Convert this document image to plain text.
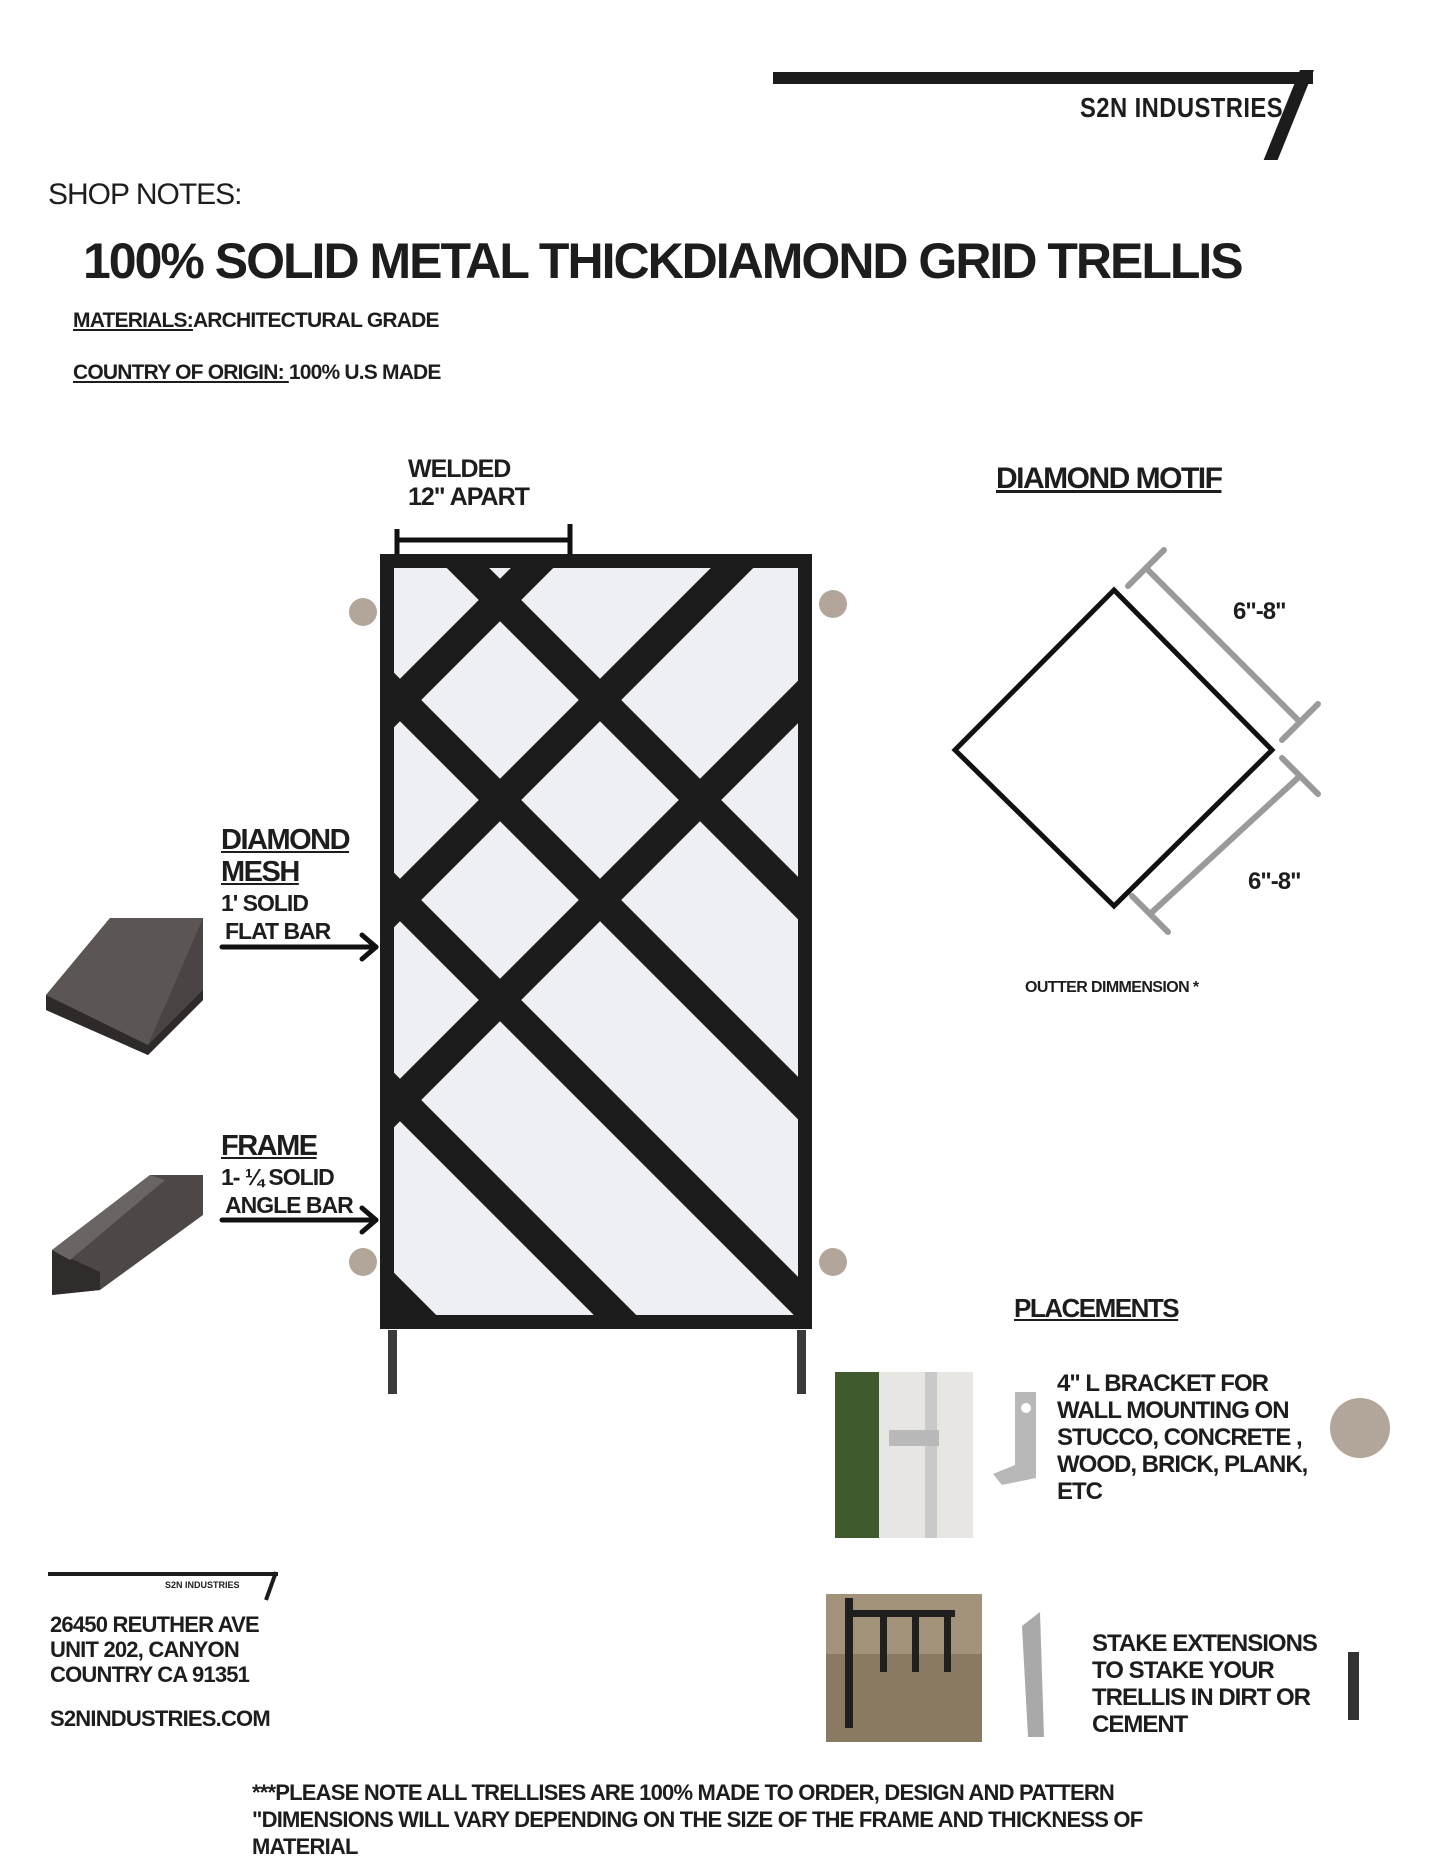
S2N INDUSTRIES
SHOP NOTES:
100% SOLID METAL THICKDIAMOND GRID TRELLIS
MATERIALS:ARCHITECTURAL GRADE
COUNTRY OF ORIGIN: 100% U.S MADE
WELDED
12" APART
DIAMOND
MESH
1' SOLID
FLAT BAR
FRAME
1- ¼ SOLID
ANGLE BAR
DIAMOND MOTIF
6"-8"
6"-8"
OUTTER DIMMENSION *
PLACEMENTS
4" L BRACKET FOR
WALL MOUNTING ON
STUCCO, CONCRETE ,
WOOD, BRICK, PLANK,
ETC
STAKE EXTENSIONS
TO STAKE YOUR
TRELLIS IN DIRT OR
CEMENT
S2N INDUSTRIES
26450 REUTHER AVE
UNIT 202, CANYON
COUNTRY CA 91351
S2NINDUSTRIES.COM
***PLEASE NOTE ALL TRELLISES ARE 100% MADE TO ORDER, DESIGN AND PATTERN
"DIMENSIONS WILL VARY DEPENDING ON THE SIZE OF THE FRAME AND THICKNESS OF
MATERIAL
